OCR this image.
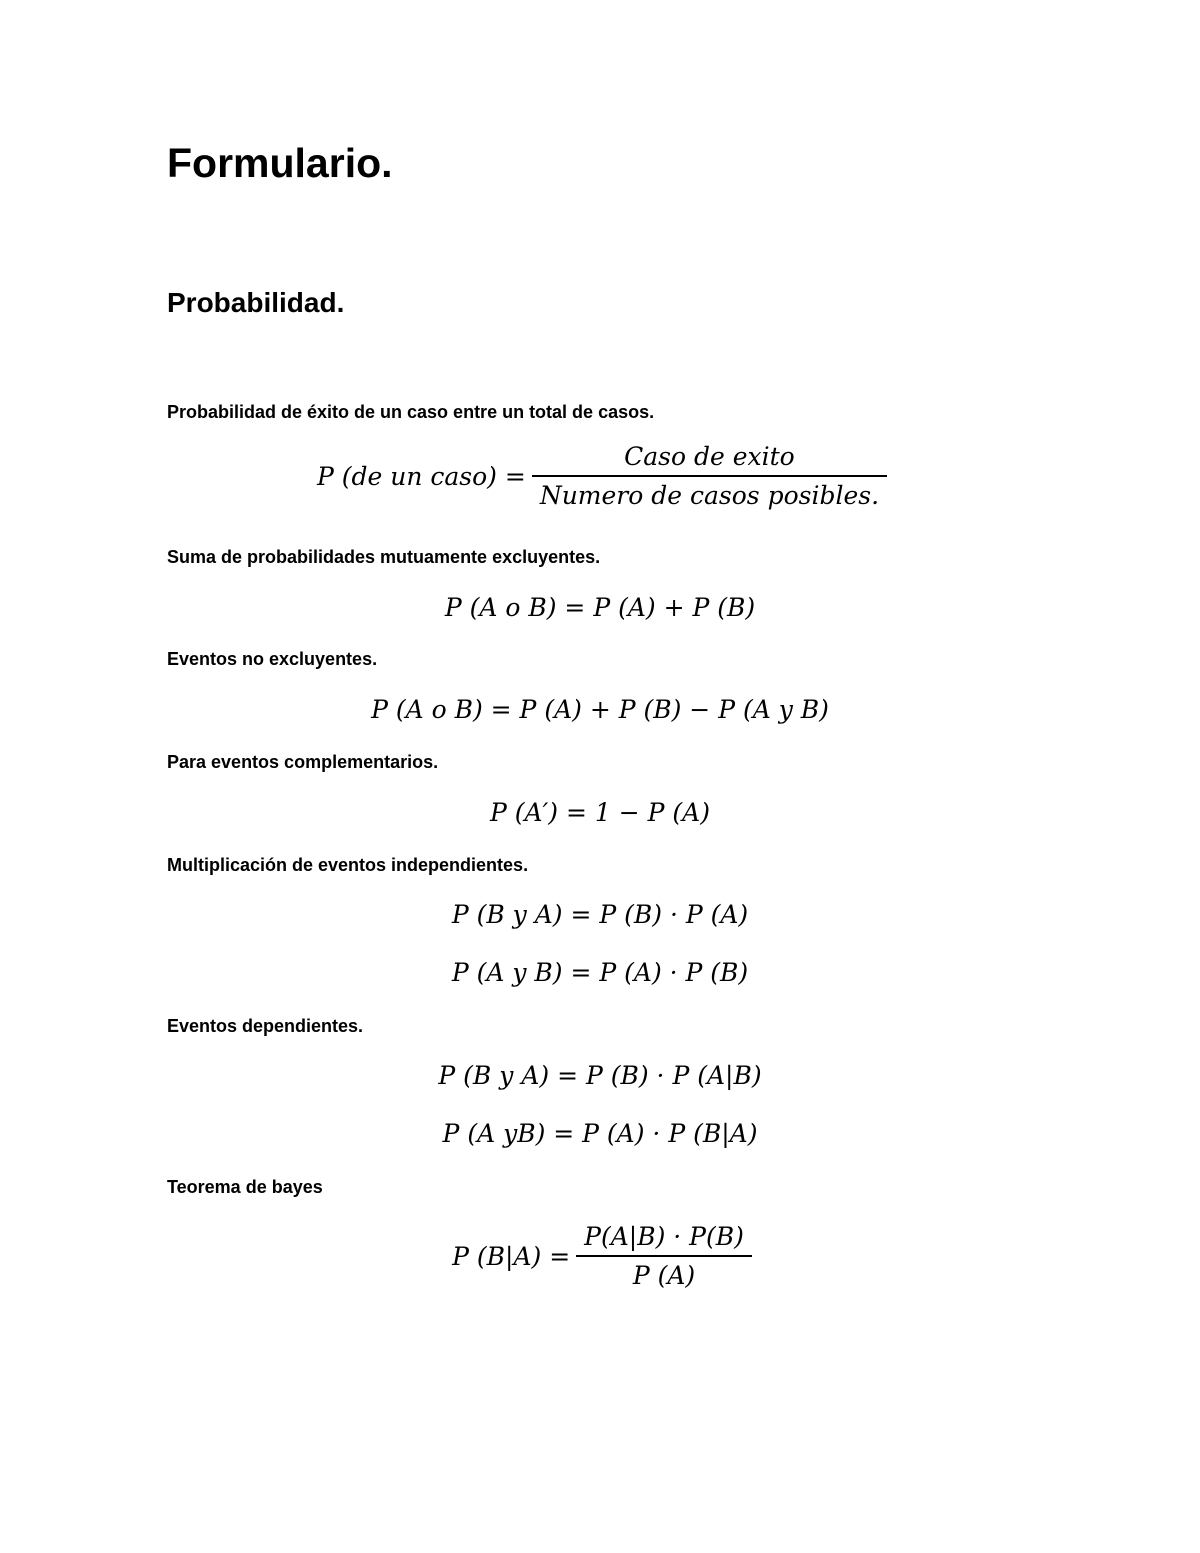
Formulario.
Probabilidad.
Probabilidad de éxito de un caso entre un total de casos.
P (de un caso) = $\frac{\text{Caso de exito}}{\text{Numero de casos posibles.}}$
Suma de probabilidades mutuamente excluyentes.
P (A o B) = P (A) + P (B)
Eventos no excluyentes.
P (A o B) = P (A) + P (B) − P (A y B)
Para eventos complementarios.
P (A′) = 1 − P (A)
Multiplicación de eventos independientes.
P (B y A) = P (B) · P (A)
P (A y B) = P (A) · P (B)
Eventos dependientes.
P (B y A) = P (B) · P (A|B)
P (A yB) = P (A) · P (B|A)
Teorema de bayes
P $(B|A) = \frac{P(A|B) \cdot P(B)}{P (A)}$
